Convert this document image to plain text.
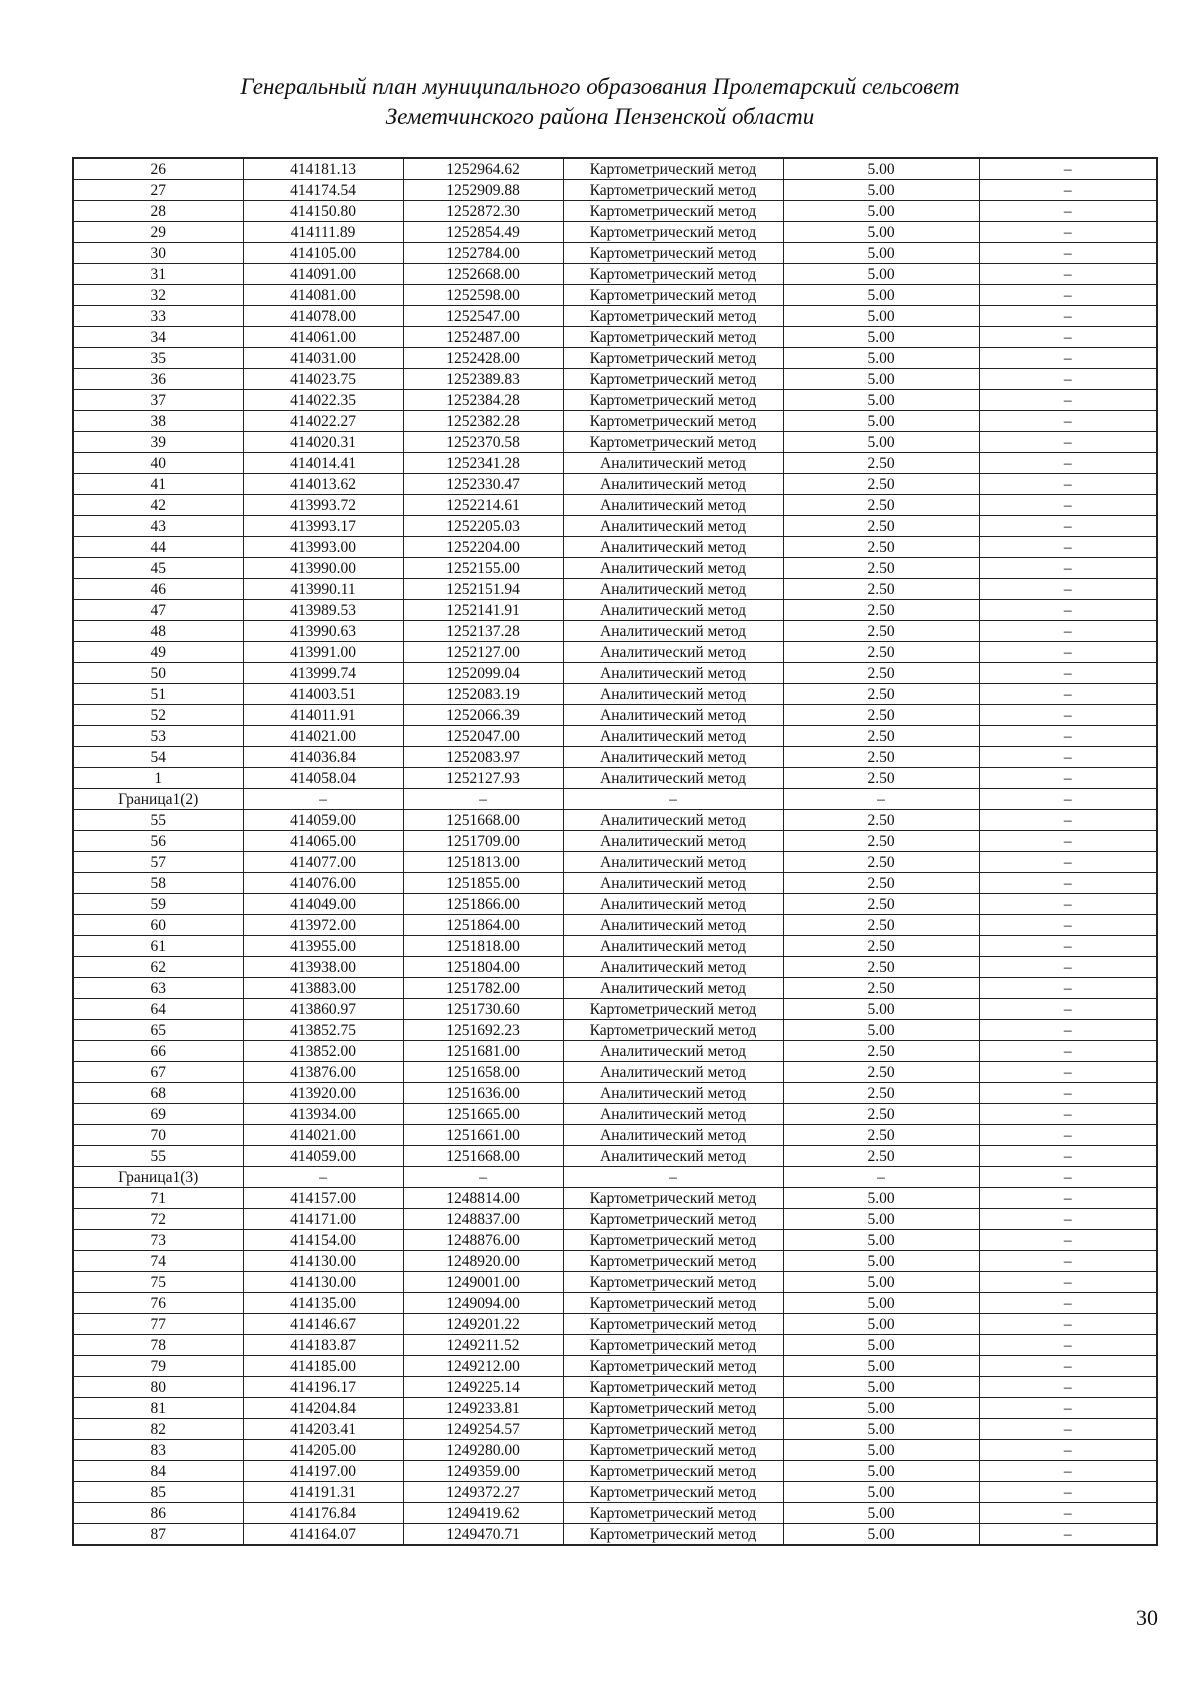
Генеральный план муниципального образования Пролетарский сельсовет
Земетчинского района Пензенской области
26	414181.13	1252964.62	Картометрический метод	5.00	–
27	414174.54	1252909.88	Картометрический метод	5.00	–
28	414150.80	1252872.30	Картометрический метод	5.00	–
29	414111.89	1252854.49	Картометрический метод	5.00	–
30	414105.00	1252784.00	Картометрический метод	5.00	–
31	414091.00	1252668.00	Картометрический метод	5.00	–
32	414081.00	1252598.00	Картометрический метод	5.00	–
33	414078.00	1252547.00	Картометрический метод	5.00	–
34	414061.00	1252487.00	Картометрический метод	5.00	–
35	414031.00	1252428.00	Картометрический метод	5.00	–
36	414023.75	1252389.83	Картометрический метод	5.00	–
37	414022.35	1252384.28	Картометрический метод	5.00	–
38	414022.27	1252382.28	Картометрический метод	5.00	–
39	414020.31	1252370.58	Картометрический метод	5.00	–
40	414014.41	1252341.28	Аналитический метод	2.50	–
41	414013.62	1252330.47	Аналитический метод	2.50	–
42	413993.72	1252214.61	Аналитический метод	2.50	–
43	413993.17	1252205.03	Аналитический метод	2.50	–
44	413993.00	1252204.00	Аналитический метод	2.50	–
45	413990.00	1252155.00	Аналитический метод	2.50	–
46	413990.11	1252151.94	Аналитический метод	2.50	–
47	413989.53	1252141.91	Аналитический метод	2.50	–
48	413990.63	1252137.28	Аналитический метод	2.50	–
49	413991.00	1252127.00	Аналитический метод	2.50	–
50	413999.74	1252099.04	Аналитический метод	2.50	–
51	414003.51	1252083.19	Аналитический метод	2.50	–
52	414011.91	1252066.39	Аналитический метод	2.50	–
53	414021.00	1252047.00	Аналитический метод	2.50	–
54	414036.84	1252083.97	Аналитический метод	2.50	–
1	414058.04	1252127.93	Аналитический метод	2.50	–
Граница1(2)	–	–	–	–	–
55	414059.00	1251668.00	Аналитический метод	2.50	–
56	414065.00	1251709.00	Аналитический метод	2.50	–
57	414077.00	1251813.00	Аналитический метод	2.50	–
58	414076.00	1251855.00	Аналитический метод	2.50	–
59	414049.00	1251866.00	Аналитический метод	2.50	–
60	413972.00	1251864.00	Аналитический метод	2.50	–
61	413955.00	1251818.00	Аналитический метод	2.50	–
62	413938.00	1251804.00	Аналитический метод	2.50	–
63	413883.00	1251782.00	Аналитический метод	2.50	–
64	413860.97	1251730.60	Картометрический метод	5.00	–
65	413852.75	1251692.23	Картометрический метод	5.00	–
66	413852.00	1251681.00	Аналитический метод	2.50	–
67	413876.00	1251658.00	Аналитический метод	2.50	–
68	413920.00	1251636.00	Аналитический метод	2.50	–
69	413934.00	1251665.00	Аналитический метод	2.50	–
70	414021.00	1251661.00	Аналитический метод	2.50	–
55	414059.00	1251668.00	Аналитический метод	2.50	–
Граница1(3)	–	–	–	–	–
71	414157.00	1248814.00	Картометрический метод	5.00	–
72	414171.00	1248837.00	Картометрический метод	5.00	–
73	414154.00	1248876.00	Картометрический метод	5.00	–
74	414130.00	1248920.00	Картометрический метод	5.00	–
75	414130.00	1249001.00	Картометрический метод	5.00	–
76	414135.00	1249094.00	Картометрический метод	5.00	–
77	414146.67	1249201.22	Картометрический метод	5.00	–
78	414183.87	1249211.52	Картометрический метод	5.00	–
79	414185.00	1249212.00	Картометрический метод	5.00	–
80	414196.17	1249225.14	Картометрический метод	5.00	–
81	414204.84	1249233.81	Картометрический метод	5.00	–
82	414203.41	1249254.57	Картометрический метод	5.00	–
83	414205.00	1249280.00	Картометрический метод	5.00	–
84	414197.00	1249359.00	Картометрический метод	5.00	–
85	414191.31	1249372.27	Картометрический метод	5.00	–
86	414176.84	1249419.62	Картометрический метод	5.00	–
87	414164.07	1249470.71	Картометрический метод	5.00	–
30
